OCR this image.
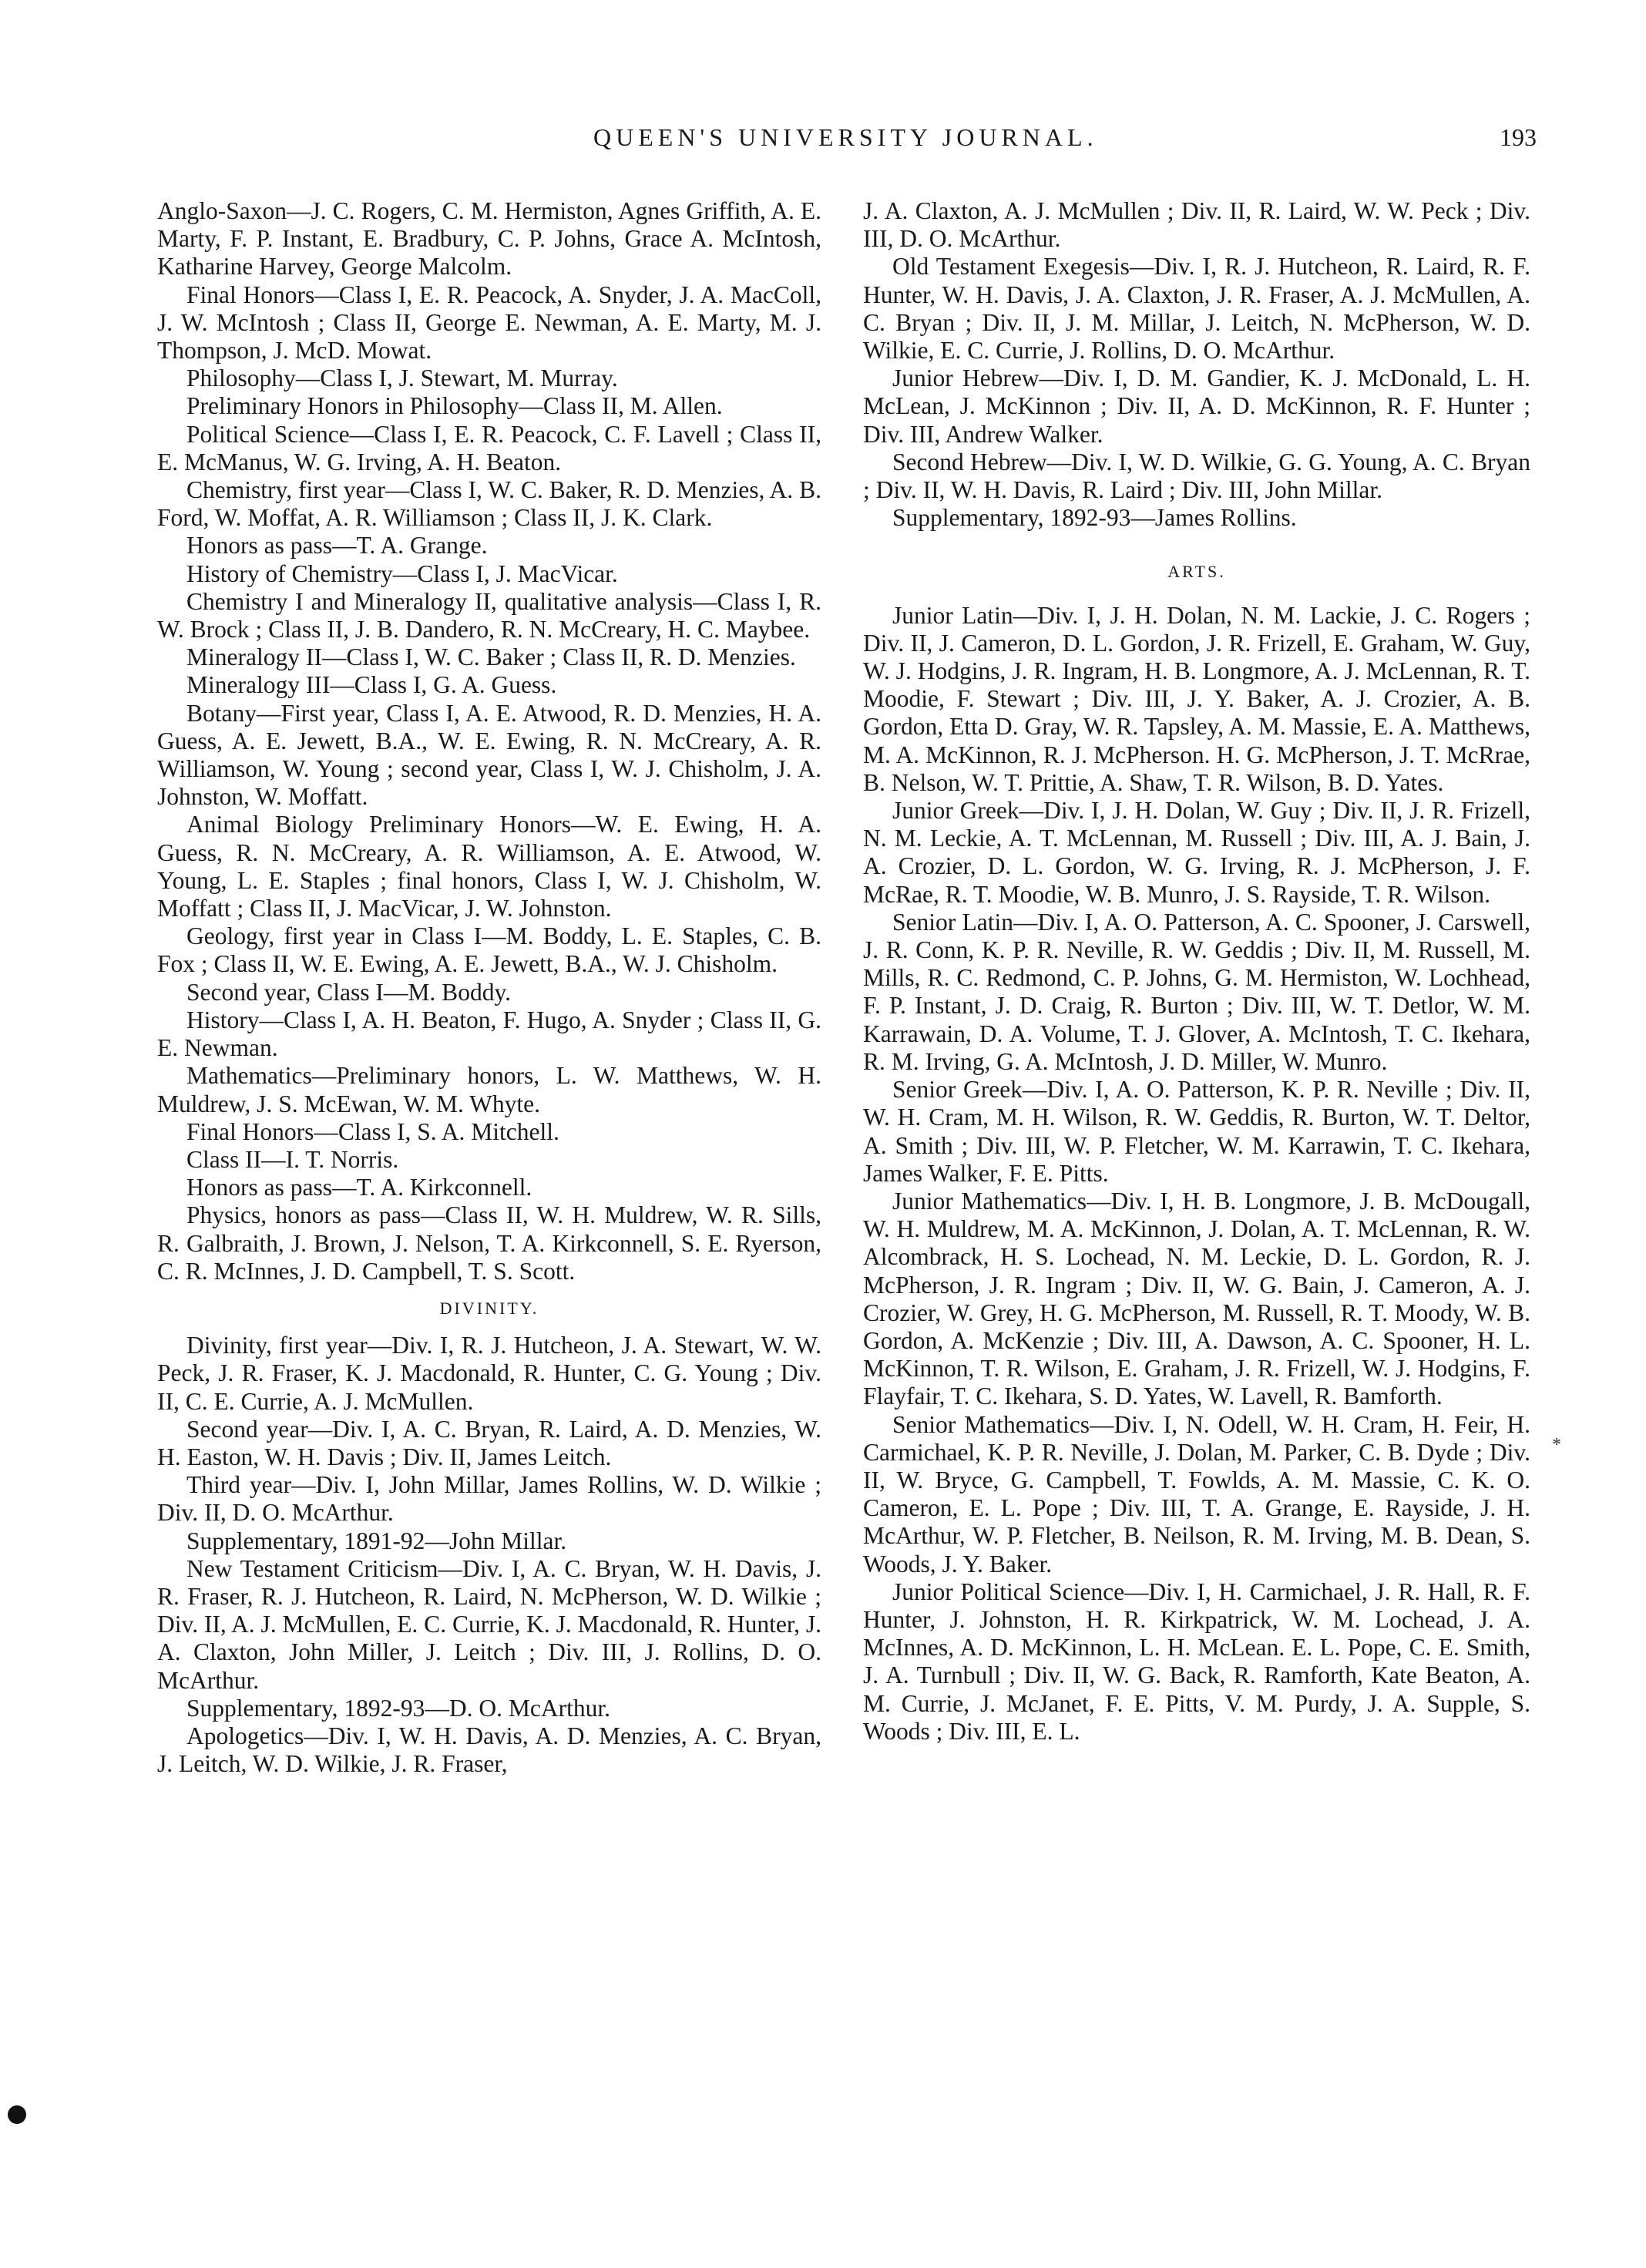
QUEEN'S UNIVERSITY JOURNAL.	193

Anglo-Saxon—J. C. Rogers, C. M. Hermiston, Agnes Griffith, A. E. Marty, F. P. Instant, E. Bradbury, C. P. Johns, Grace A. McIntosh, Katharine Harvey, George Malcolm.

Final Honors—Class I, E. R. Peacock, A. Snyder, J. A. MacColl, J. W. McIntosh ; Class II, George E. Newman, A. E. Marty, M. J. Thompson, J. McD. Mowat.

Philosophy—Class I, J. Stewart, M. Murray.

Preliminary Honors in Philosophy—Class II, M. Allen.

Political Science—Class I, E. R. Peacock, C. F. Lavell ; Class II, E. McManus, W. G. Irving, A. H. Beaton.

Chemistry, first year—Class I, W. C. Baker, R. D. Menzies, A. B. Ford, W. Moffat, A. R. Williamson ; Class II, J. K. Clark.

Honors as pass—T. A. Grange.

History of Chemistry—Class I, J. MacVicar.

Chemistry I and Mineralogy II, qualitative analysis—Class I, R. W. Brock ; Class II, J. B. Dandero, R. N. McCreary, H. C. Maybee.

Mineralogy II—Class I, W. C. Baker ; Class II, R. D. Menzies.

Mineralogy III—Class I, G. A. Guess.

Botany—First year, Class I, A. E. Atwood, R. D. Menzies, H. A. Guess, A. E. Jewett, B.A., W. E. Ewing, R. N. McCreary, A. R. Williamson, W. Young ; second year, Class I, W. J. Chisholm, J. A. Johnston, W. Moffatt.

Animal Biology Preliminary Honors—W. E. Ewing, H. A. Guess, R. N. McCreary, A. R. Williamson, A. E. Atwood, W. Young, L. E. Staples ; final honors, Class I, W. J. Chisholm, W. Moffatt ; Class II, J. MacVicar, J. W. Johnston.

Geology, first year in Class I—M. Boddy, L. E. Staples, C. B. Fox ; Class II, W. E. Ewing, A. E. Jewett, B.A., W. J. Chisholm.

Second year, Class I—M. Boddy.

History—Class I, A. H. Beaton, F. Hugo, A. Snyder ; Class II, G. E. Newman.

Mathematics—Preliminary honors, L. W. Matthews, W. H. Muldrew, J. S. McEwan, W. M. Whyte.

Final Honors—Class I, S. A. Mitchell.

Class II—I. T. Norris.

Honors as pass—T. A. Kirkconnell.

Physics, honors as pass—Class II, W. H. Muldrew, W. R. Sills, R. Galbraith, J. Brown, J. Nelson, T. A. Kirkconnell, S. E. Ryerson, C. R. McInnes, J. D. Campbell, T. S. Scott.

DIVINITY.

Divinity, first year—Div. I, R. J. Hutcheon, J. A. Stewart, W. W. Peck, J. R. Fraser, K. J. Macdonald, R. Hunter, C. G. Young ; Div. II, C. E. Currie, A. J. McMullen.

Second year—Div. I, A. C. Bryan, R. Laird, A. D. Menzies, W. H. Easton, W. H. Davis ; Div. II, James Leitch.

Third year—Div. I, John Millar, James Rollins, W. D. Wilkie ; Div. II, D. O. McArthur.

Supplementary, 1891-92—John Millar.

New Testament Criticism—Div. I, A. C. Bryan, W. H. Davis, J. R. Fraser, R. J. Hutcheon, R. Laird, N. McPherson, W. D. Wilkie ; Div. II, A. J. McMullen, E. C. Currie, K. J. Macdonald, R. Hunter, J. A. Claxton, John Miller, J. Leitch ; Div. III, J. Rollins, D. O. McArthur.

Supplementary, 1892-93—D. O. McArthur.

Apologetics—Div. I, W. H. Davis, A. D. Menzies, A. C. Bryan, J. Leitch, W. D. Wilkie, J. R. Fraser,

J. A. Claxton, A. J. McMullen ; Div. II, R. Laird, W. W. Peck ; Div. III, D. O. McArthur.

Old Testament Exegesis—Div. I, R. J. Hutcheon, R. Laird, R. F. Hunter, W. H. Davis, J. A. Claxton, J. R. Fraser, A. J. McMullen, A. C. Bryan ; Div. II, J. M. Millar, J. Leitch, N. McPherson, W. D. Wilkie, E. C. Currie, J. Rollins, D. O. McArthur.

Junior Hebrew—Div. I, D. M. Gandier, K. J. McDonald, L. H. McLean, J. McKinnon ; Div. II, A. D. McKinnon, R. F. Hunter ; Div. III, Andrew Walker.

Second Hebrew—Div. I, W. D. Wilkie, G. G. Young, A. C. Bryan ; Div. II, W. H. Davis, R. Laird ; Div. III, John Millar.

Supplementary, 1892-93—James Rollins.

ARTS.

Junior Latin—Div. I, J. H. Dolan, N. M. Lackie, J. C. Rogers ; Div. II, J. Cameron, D. L. Gordon, J. R. Frizell, E. Graham, W. Guy, W. J. Hodgins, J. R. Ingram, H. B. Longmore, A. J. McLennan, R. T. Moodie, F. Stewart ; Div. III, J. Y. Baker, A. J. Crozier, A. B. Gordon, Etta D. Gray, W. R. Tapsley, A. M. Massie, E. A. Matthews, M. A. McKinnon, R. J. McPherson. H. G. McPherson, J. T. McRrae, B. Nelson, W. T. Prittie, A. Shaw, T. R. Wilson, B. D. Yates.

Junior Greek—Div. I, J. H. Dolan, W. Guy ; Div. II, J. R. Frizell, N. M. Leckie, A. T. McLennan, M. Russell ; Div. III, A. J. Bain, J. A. Crozier, D. L. Gordon, W. G. Irving, R. J. McPherson, J. F. McRae, R. T. Moodie, W. B. Munro, J. S. Rayside, T. R. Wilson.

Senior Latin—Div. I, A. O. Patterson, A. C. Spooner, J. Carswell, J. R. Conn, K. P. R. Neville, R. W. Geddis ; Div. II, M. Russell, M. Mills, R. C. Redmond, C. P. Johns, G. M. Hermiston, W. Lochhead, F. P. Instant, J. D. Craig, R. Burton ; Div. III, W. T. Detlor, W. M. Karrawain, D. A. Volume, T. J. Glover, A. McIntosh, T. C. Ikehara, R. M. Irving, G. A. McIntosh, J. D. Miller, W. Munro.

Senior Greek—Div. I, A. O. Patterson, K. P. R. Neville ; Div. II, W. H. Cram, M. H. Wilson, R. W. Geddis, R. Burton, W. T. Deltor, A. Smith ; Div. III, W. P. Fletcher, W. M. Karrawin, T. C. Ikehara, James Walker, F. E. Pitts.

Junior Mathematics—Div. I, H. B. Longmore, J. B. McDougall, W. H. Muldrew, M. A. McKinnon, J. Dolan, A. T. McLennan, R. W. Alcombrack, H. S. Lochead, N. M. Leckie, D. L. Gordon, R. J. McPherson, J. R. Ingram ; Div. II, W. G. Bain, J. Cameron, A. J. Crozier, W. Grey, H. G. McPherson, M. Russell, R. T. Moody, W. B. Gordon, A. McKenzie ; Div. III, A. Dawson, A. C. Spooner, H. L. McKinnon, T. R. Wilson, E. Graham, J. R. Frizell, W. J. Hodgins, F. Flayfair, T. C. Ikehara, S. D. Yates, W. Lavell, R. Bamforth.

Senior Mathematics—Div. I, N. Odell, W. H. Cram, H. Feir, H. Carmichael, K. P. R. Neville, J. Dolan, M. Parker, C. B. Dyde ; Div. II, W. Bryce, G. Campbell, T. Fowlds, A. M. Massie, C. K. O. Cameron, E. L. Pope ; Div. III, T. A. Grange, E. Rayside, J. H. McArthur, W. P. Fletcher, B. Neilson, R. M. Irving, M. B. Dean, S. Woods, J. Y. Baker.

Junior Political Science—Div. I, H. Carmichael, J. R. Hall, R. F. Hunter, J. Johnston, H. R. Kirkpatrick, W. M. Lochead, J. A. McInnes, A. D. McKinnon, L. H. McLean. E. L. Pope, C. E. Smith, J. A. Turnbull ; Div. II, W. G. Back, R. Ramforth, Kate Beaton, A. M. Currie, J. McJanet, F. E. Pitts, V. M. Purdy, J. A. Supple, S. Woods ; Div. III, E. L.

*
